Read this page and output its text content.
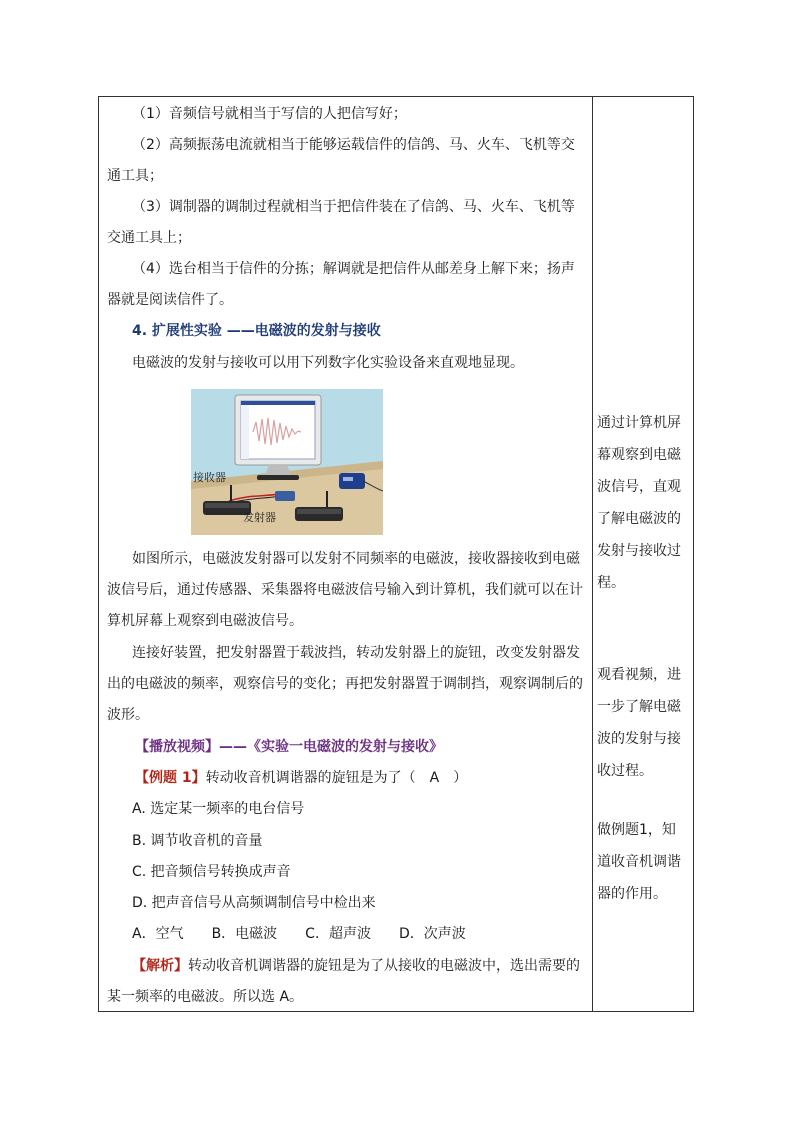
（1）音频信号就相当于写信的人把信写好；

（2）高频振荡电流就相当于能够运载信件的信鸽、马、火车、飞机等交

通工具；

（3）调制器的调制过程就相当于把信件装在了信鸽、马、火车、飞机等

交通工具上；

（4）选台相当于信件的分拣；解调就是把信件从邮差身上解下来；扬声

器就是阅读信件了。

4. 扩展性实验 ——电磁波的发射与接收

电磁波的发射与接收可以用下列数字化实验设备来直观地显现。

接收器
发射器

如图所示，电磁波发射器可以发射不同频率的电磁波，接收器接收到电磁

波信号后，通过传感器、采集器将电磁波信号输入到计算机，我们就可以在计

算机屏幕上观察到电磁波信号。

连接好装置，把发射器置于载波挡，转动发射器上的旋钮，改变发射器发

出的电磁波的频率，观察信号的变化；再把发射器置于调制挡，观察调制后的

波形。

【播放视频】——《实验一电磁波的发射与接收》

【例题 1】转动收音机调谐器的旋钮是为了（　A　）

A. 选定某一频率的电台信号

B. 调节收音机的音量

C. 把音频信号转换成声音

D. 把声音信号从高频调制信号中检出来

A．空气　　B．电磁波　　C．超声波　　D．次声波

【解析】转动收音机调谐器的旋钮是为了从接收的电磁波中，选出需要的

某一频率的电磁波。所以选 A。

通过计算机屏

幕观察到电磁

波信号，直观

了解电磁波的

发射与接收过

程。

观看视频，进

一步了解电磁

波的发射与接

收过程。

做例题1，知

道收音机调谐

器的作用。
